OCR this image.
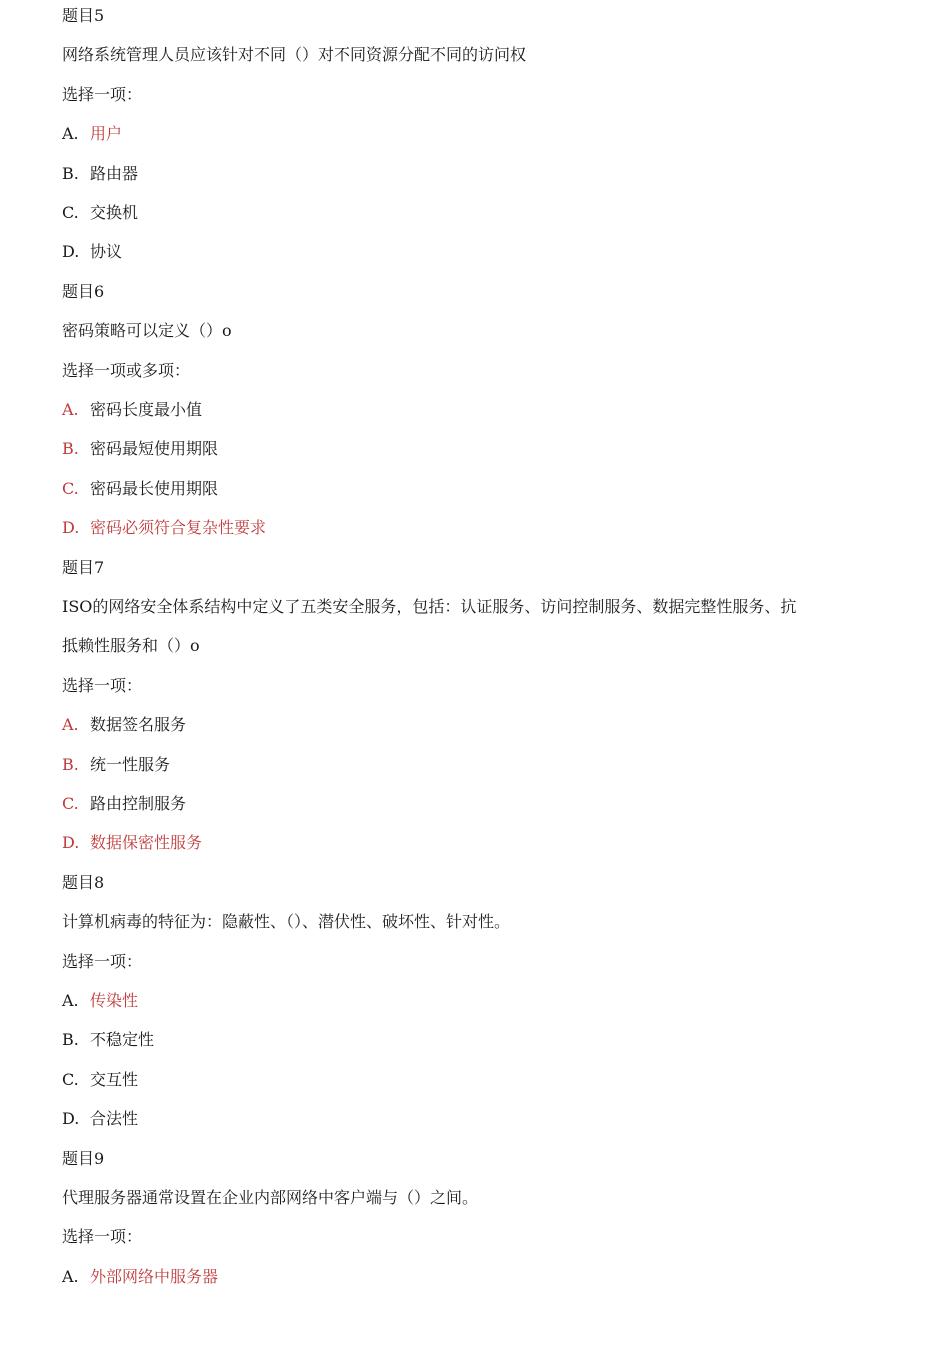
题目5
网络系统管理人员应该针对不同（）对不同资源分配不同的访问权
选择一项：
A. 用户
B. 路由器
C. 交换机
D. 协议
题目6
密码策略可以定义（）o
选择一项或多项：
A. 密码长度最小值
B. 密码最短使用期限
C. 密码最长使用期限
D. 密码必须符合复杂性要求
题目7
ISO的网络安全体系结构中定义了五类安全服务，包括：认证服务、访问控制服务、数据完整性服务、抗
抵赖性服务和（）o
选择一项：
A. 数据签名服务
B. 统一性服务
C. 路由控制服务
D. 数据保密性服务
题目8
计算机病毒的特征为：隐蔽性、（）、潜伏性、破坏性、针对性。
选择一项：
A. 传染性
B. 不稳定性
C. 交互性
D. 合法性
题目9
代理服务器通常设置在企业内部网络中客户端与（）之间。
选择一项：
A. 外部网络中服务器
